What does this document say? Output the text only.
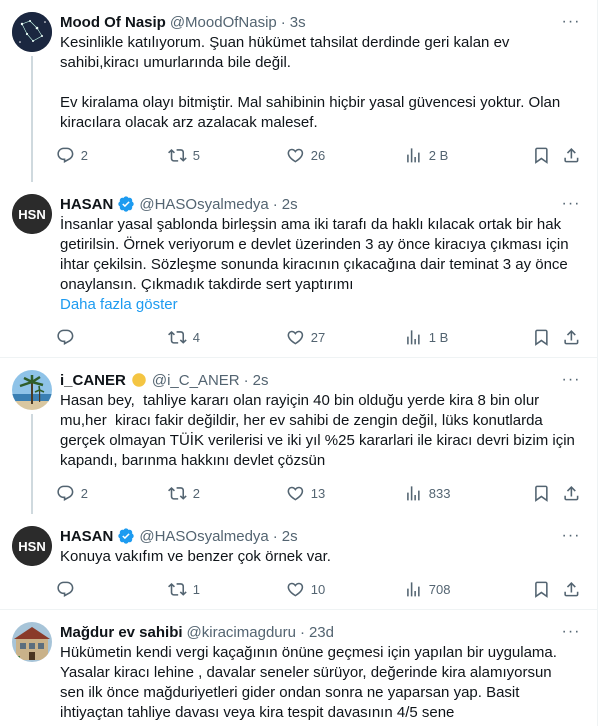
···
Mood Of Nasip @MoodOfNasip · 3s
Kesinlikle katılıyorum. Şuan hükümet tahsilat derdinde geri kalan ev sahibi,kiracı umurlarında bile değil.

Ev kiralama olayı bitmiştir. Mal sahibinin hiçbir yasal güvencesi yoktur. Olan kiracılara olacak arz azalacak malesef.
2	5	26	2 B
HSN
···
HASAN @HASOsyalmedya · 2s
İnsanlar yasal şablonda birleşsin ama iki tarafı da haklı kılacak ortak bir hak getirilsin. Örnek veriyorum e devlet üzerinden 3 ay önce kiracıya çıkması için ihtar çekilsin. Sözleşme sonunda kiracının çıkacağına dair teminat 3 ay önce onaylansın. Çıkmadık takdirde sert yaptırımı
Daha fazla göster
4	27	1 B
···
i_CANER @i_C_ANER · 2s
Hasan bey,  tahliye kararı olan rayiçin 40 bin olduğu yerde kira 8 bin olur mu,her  kiracı fakir değildir, her ev sahibi de zengin değil, lüks konutlarda gerçek olmayan TÜİK verilerisi ve iki yıl %25 kararlari ile kiracı devri bizim için kapandı, barınma hakkını devlet çözsün
2	2	13	833
HSN
···
HASAN @HASOsyalmedya · 2s
Konuya vakıfım ve benzer çok örnek var.
1	10	708
···
Mağdur ev sahibi @kiracimagduru · 23d
Hükümetin kendi vergi kaçağının önüne geçmesi için yapılan bir uygulama. Yasalar kiracı lehine , davalar seneler sürüyor, değerinde kira alamıyorsun sen ilk önce mağduriyetleri gider ondan sonra ne yaparsan yap. Basit ihtiyaçtan tahliye davası veya kira tespit davasının 4/5 sene
